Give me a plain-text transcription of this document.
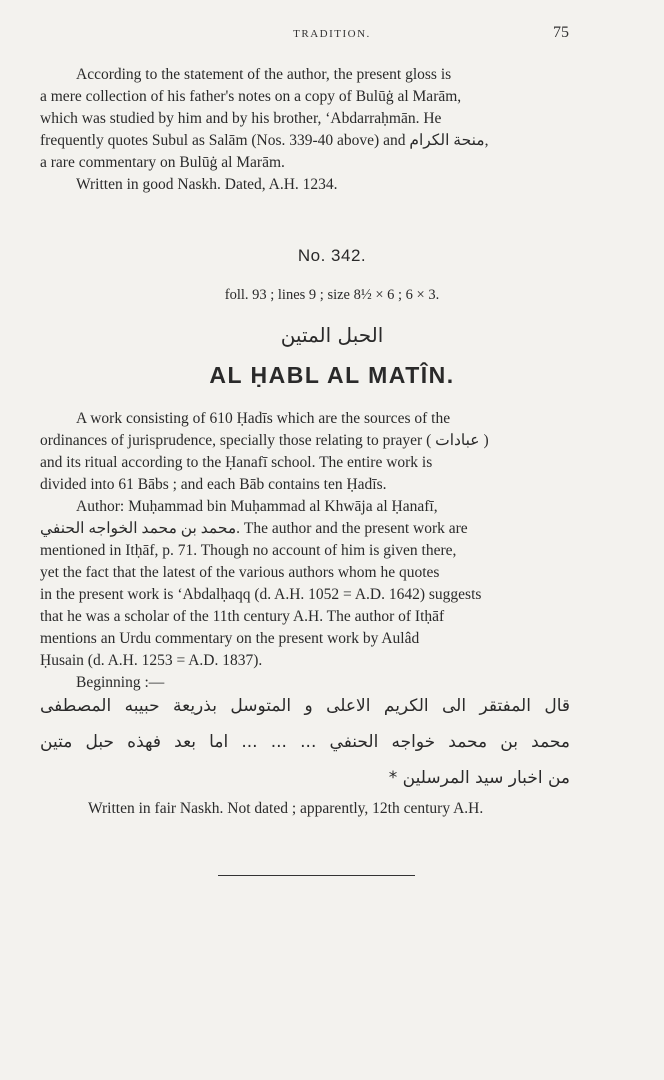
TRADITION.	75

According to the statement of the author, the present gloss is

a mere collection of his father's notes on a copy of Bulūġ al Marām,

which was studied by him and by his brother, ‘Abdarraḥmān. He

frequently quotes Subul as Salām (Nos. 339-40 above) and منحة الكرام,

a rare commentary on Bulūġ al Marām.

Written in good Naskh. Dated, A.H. 1234.

No. 342.
foll. 93 ; lines 9 ; size 8½ × 6 ; 6 × 3.
الحبل المتين
AL ḤABL AL MATÎN.

A work consisting of 610 Ḥadīs which are the sources of the

ordinances of jurisprudence, specially those relating to prayer ( عبادات )

and its ritual according to the Ḥanafī school. The entire work is

divided into 61 Bābs ; and each Bāb contains ten Ḥadīs.

Author: Muḥammad bin Muḥammad al Khwāja al Ḥanafī,

محمد بن محمد الخواجه الحنفي. The author and the present work are

mentioned in Itḥāf, p. 71. Though no account of him is given there,

yet the fact that the latest of the various authors whom he quotes

in the present work is ‘Abdalḥaqq (d. A.H. 1052 = A.D. 1642) suggests

that he was a scholar of the 11th century A.H. The author of Itḥāf

mentions an Urdu commentary on the present work by Aulâd

Ḥusain (d. A.H. 1253 = A.D. 1837).

Beginning :—

قال المفتقر الى الكريم الاعلى و المتوسل بذريعة حبيبه المصطفى
محمد بن محمد خواجه الحنفي ... ... ... اما بعد فهذه حبل متين
من اخبار سيد المرسلين *
Written in fair Naskh. Not dated ; apparently, 12th century A.H.
